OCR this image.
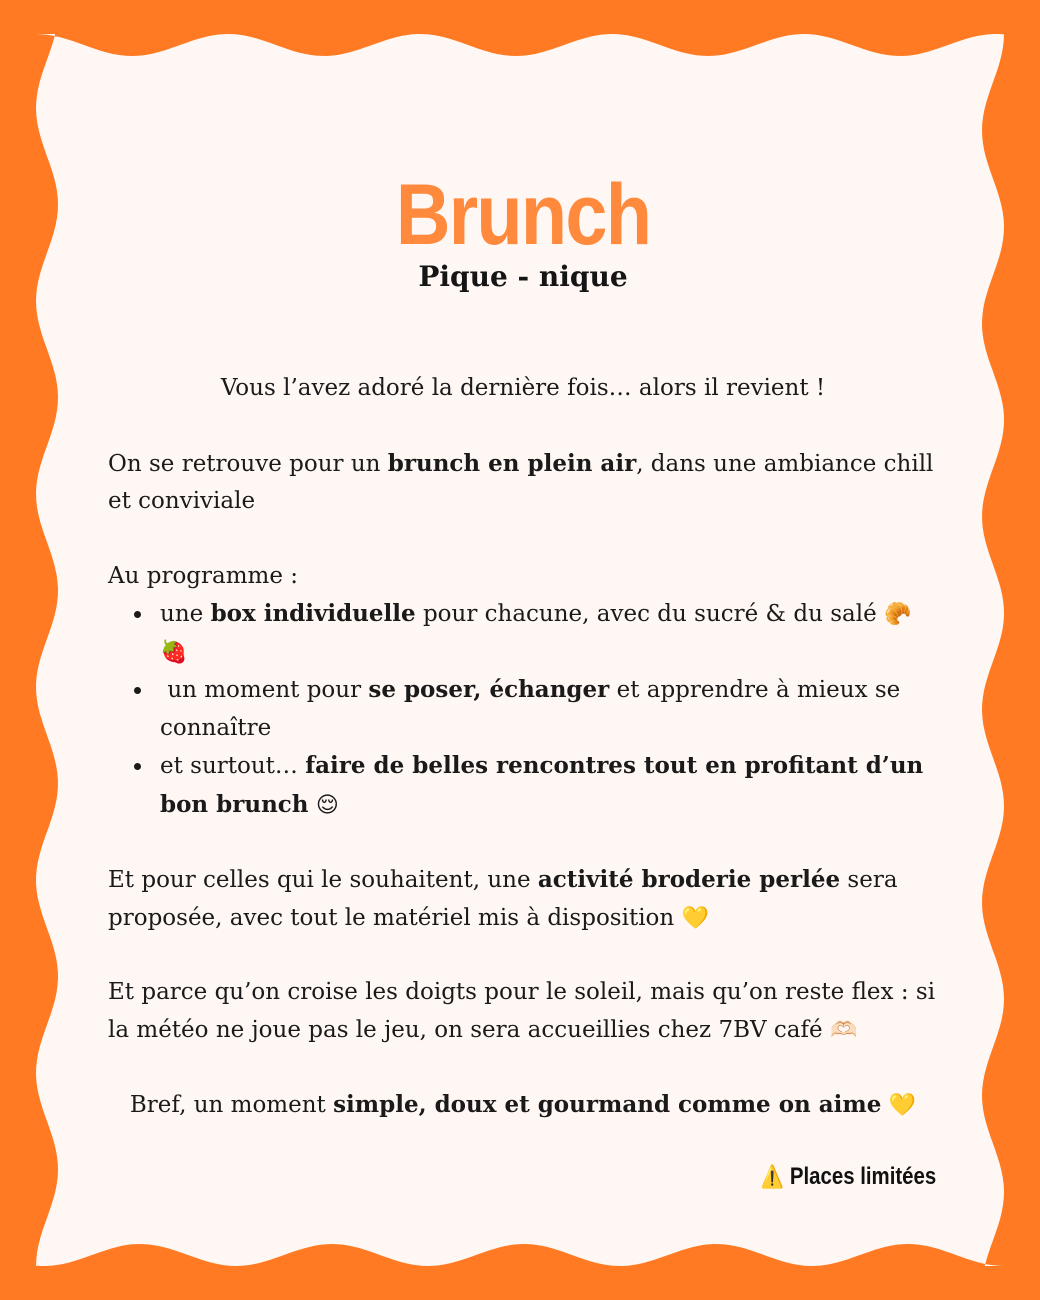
Brunch
Pique - nique

Vous l’avez adoré la dernière fois… alors il revient !

On se retrouve pour un brunch en plein air, dans une ambiance chill et conviviale

Au programme :

• une box individuelle pour chacune, avec du sucré & du salé 🥐🍓
• un moment pour se poser, échanger et apprendre à mieux se connaître
• et surtout… faire de belles rencontres tout en profitant d’un bon brunch 😌

Et pour celles qui le souhaitent, une activité broderie perlée sera proposée, avec tout le matériel mis à disposition 💛

Et parce qu’on croise les doigts pour le soleil, mais qu’on reste flex : si la météo ne joue pas le jeu, on sera accueillies chez 7BV café 🫶🏻

Bref, un moment simple, doux et gourmand comme on aime 💛

⚠️ Places limitées
